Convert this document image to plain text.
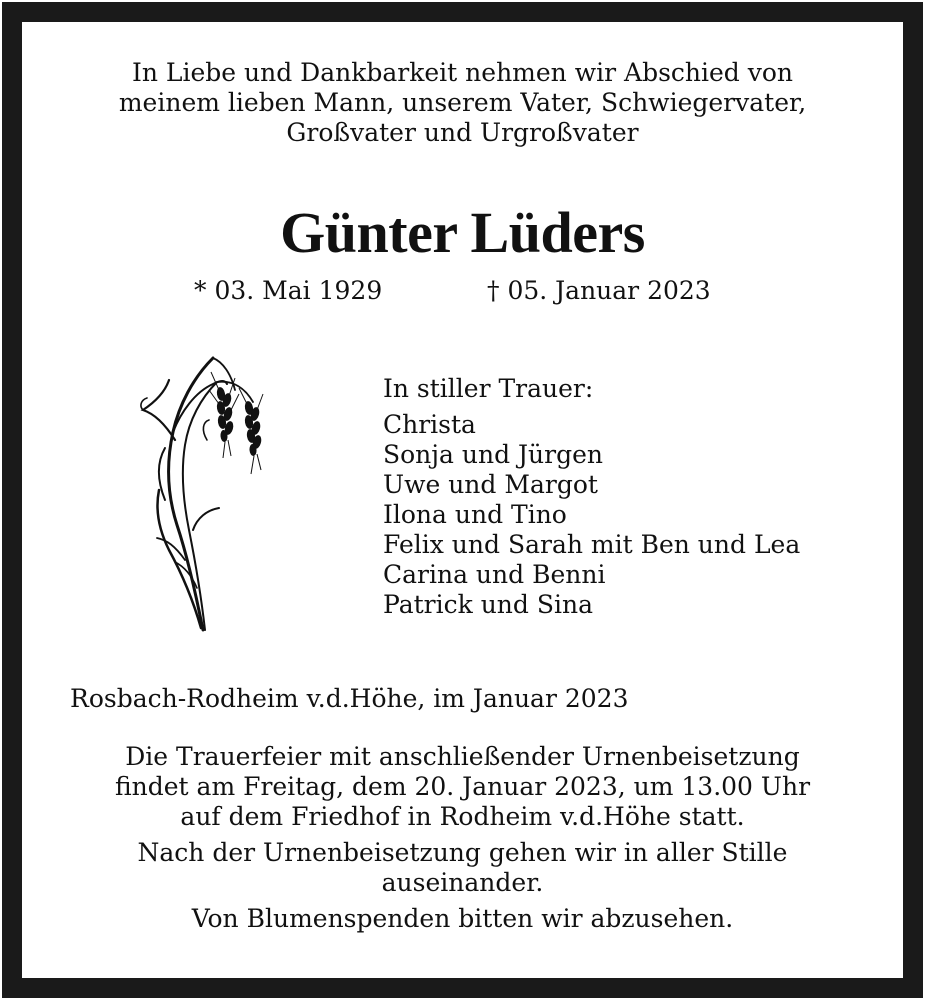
In Liebe und Dankbarkeit nehmen wir Abschied von
meinem lieben Mann, unserem Vater, Schwiegervater,
Großvater und Urgroßvater
Günter Lüders
* 03. Mai 1929	† 05. Januar 2023
In stiller Trauer:
Christa
Sonja und Jürgen
Uwe und Margot
Ilona und Tino
Felix und Sarah mit Ben und Lea
Carina und Benni
Patrick und Sina
Rosbach-Rodheim v.d.Höhe, im Januar 2023
Die Trauerfeier mit anschließender Urnenbeisetzung
findet am Freitag, dem 20. Januar 2023, um 13.00 Uhr
auf dem Friedhof in Rodheim v.d.Höhe statt.
Nach der Urnenbeisetzung gehen wir in aller Stille
auseinander.
Von Blumenspenden bitten wir abzusehen.
